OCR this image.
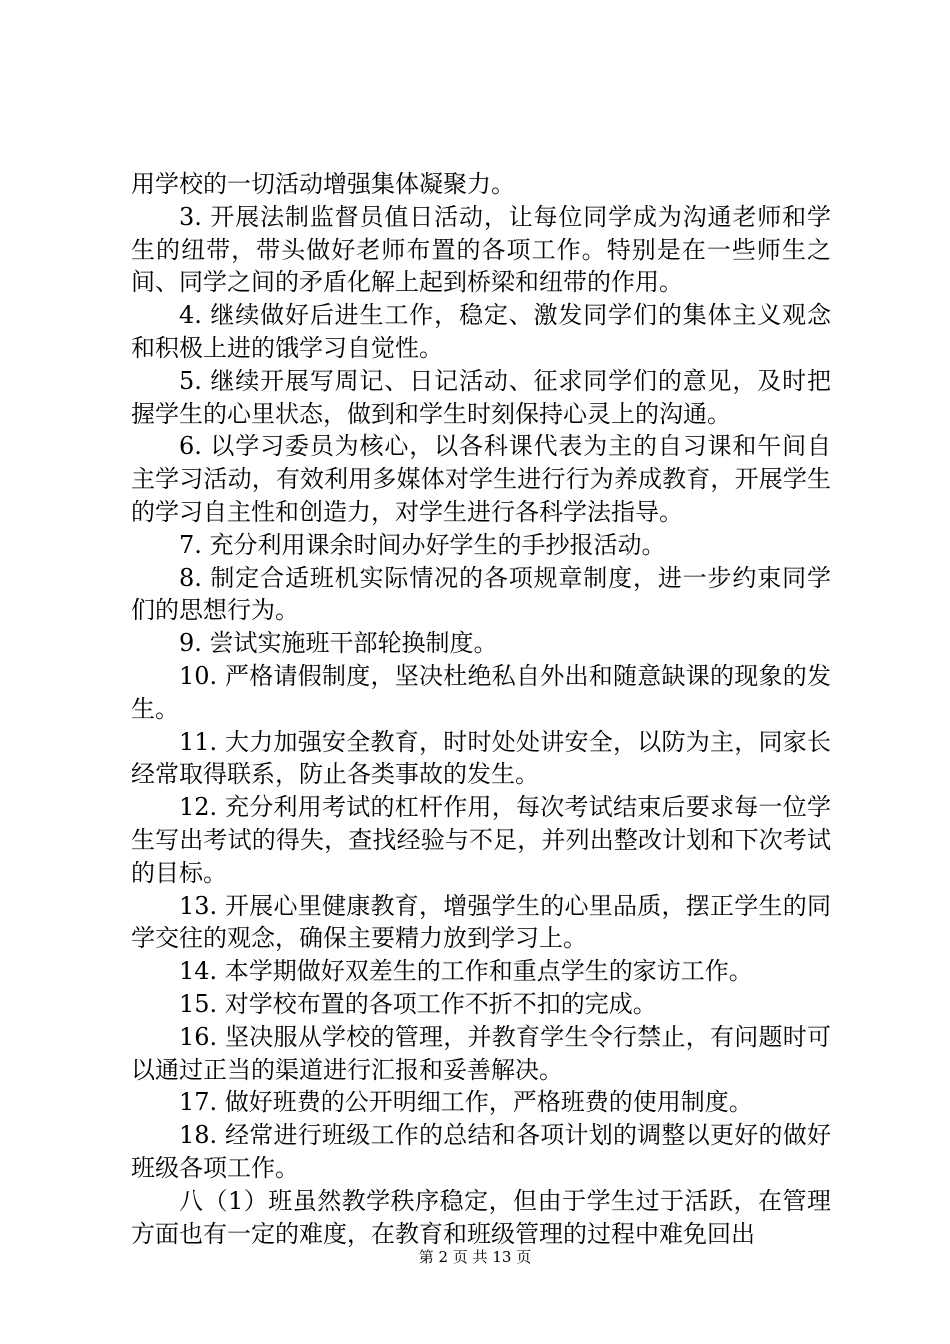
用学校的一切活动增强集体凝聚力。

3. 开展法制监督员值日活动，让每位同学成为沟通老师和学生的纽带，带头做好老师布置的各项工作。特别是在一些师生之间、同学之间的矛盾化解上起到桥梁和纽带的作用。

4. 继续做好后进生工作，稳定、激发同学们的集体主义观念和积极上进的饿学习自觉性。

5. 继续开展写周记、日记活动、征求同学们的意见，及时把握学生的心里状态，做到和学生时刻保持心灵上的沟通。

6. 以学习委员为核心，以各科课代表为主的自习课和午间自主学习活动，有效利用多媒体对学生进行行为养成教育，开展学生的学习自主性和创造力，对学生进行各科学法指导。

7. 充分利用课余时间办好学生的手抄报活动。

8. 制定合适班机实际情况的各项规章制度，进一步约束同学们的思想行为。

9. 尝试实施班干部轮换制度。

10. 严格请假制度，坚决杜绝私自外出和随意缺课的现象的发生。

11. 大力加强安全教育，时时处处讲安全，以防为主，同家长经常取得联系，防止各类事故的发生。

12. 充分利用考试的杠杆作用，每次考试结束后要求每一位学生写出考试的得失，查找经验与不足，并列出整改计划和下次考试的目标。

13. 开展心里健康教育，增强学生的心里品质，摆正学生的同学交往的观念，确保主要精力放到学习上。

14. 本学期做好双差生的工作和重点学生的家访工作。

15. 对学校布置的各项工作不折不扣的完成。

16. 坚决服从学校的管理，并教育学生令行禁止，有问题时可以通过正当的渠道进行汇报和妥善解决。

17. 做好班费的公开明细工作，严格班费的使用制度。

18. 经常进行班级工作的总结和各项计划的调整以更好的做好班级各项工作。

八（1）班虽然教学秩序稳定，但由于学生过于活跃，在管理方面也有一定的难度，在教育和班级管理的过程中难免回出

第 2 页 共 13 页
